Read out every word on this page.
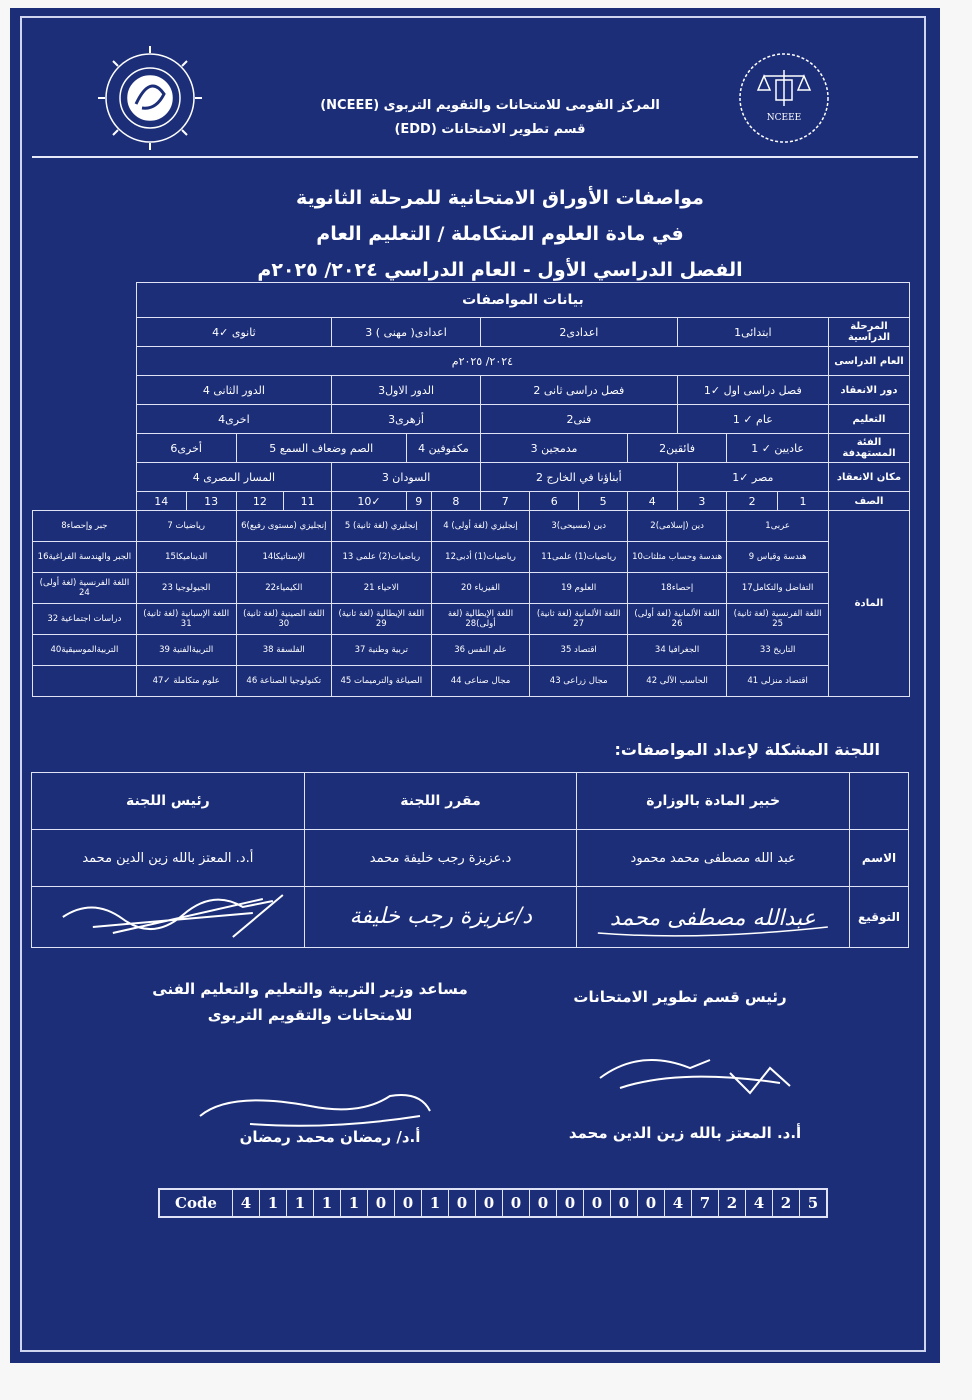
NCEEE
المركز القومى للامتحانات والتقويم التربوى (NCEEE)
قسم تطوير الامتحانات (EDD)
مواصفات الأوراق الامتحانية للمرحلة الثانوية
في مادة العلوم المتكاملة / التعليم العام
الفصل الدراسي الأول - العام الدراسي ٢٠٢٤/ ٢٠٢٥م
بيانات المواصفات															
المرحلة الدراسية	ابتدائى1			اعدادى2				اعدادى( مهنى ) 3			ثانوى ✓4				
العام الدراسى	٢٠٢٤/ ٢٠٢٥م														
دور الانعقاد	فصل دراسى اول ✓1			فصل دراسى ثانى 2				الدور الاول3			الدور الثانى 4				
التعليم	عام ✓ 1			فنى2				أزهرى3			اخرى4				
الفئة المستهدفة	عاديين ✓ 1		فائقين2		مدمجين 3			مكفوفين 4		الصم وضعاف السمع 5			أخرى6		
مكان الانعقاد	مصر ✓1			أبناؤنا في الخارج 2				السودان 3			المسار المصرى 4				
الصف	1	2	3	4	5	6	7	8	9	✓10	11	12	13	14	
المادة	عربى1		دين (إسلامى)2		دين (مسيحى)3		إنجليزي (لغة أولى) 4		إنجليزي (لغة ثانية) 5		إنجليزي (مستوى رفيع)6		رياضيات 7		جبر وإحصاء8
	هندسة وقياس 9		هندسة وحساب مثلثات10		رياضيات(1) علمى11		رياضيات(1) أدبى12		رياضيات(2) علمى 13		الإستاتيكا14		الديناميكا15		الجبر والهندسة الفراغية16
	التفاضل والتكامل17		إحصاء18		العلوم 19		الفيزياء 20		الاحياء 21		الكيمياء22		الجيولوجيا 23		اللغة الفرنسية (لغة أولى) 24
	اللغة الفرنسية (لغة ثانية) 25		اللغة الألمانية (لغة أولى) 26		اللغة الألمانية (لغة ثانية) 27		اللغة الإيطالية (لغة أولى)28		اللغة الإيطالية (لغة ثانية) 29		اللغة الصينية (لغة ثانية) 30		اللغة الإسبانية (لغة ثانية) 31		دراسات اجتماعية 32
	التاريخ 33		الجغرافيا 34		اقتصاد 35		علم النفس 36		تربية وطنية 37		الفلسفة 38		التربيةالفنية 39		التربيةالموسيقية40
	اقتصاد منزلى 41		الحاسب الآلى 42		مجال زراعى 43		مجال صناعى 44		الصياغة والترميمات 45		تكنولوجيا الصناعة 46		علوم متكاملة ✓47		
اللجنة المشكلة لإعداد المواصفات:
	خبير المادة بالوزارة	مقرر اللجنة	رئيس اللجنة
الاسم	عبد الله مصطفى محمد محمود	د.عزيزة رجب خليفة محمد	أ.د. المعتز بالله زين الدين محمد
التوقيع	عبدالله مصطفى محمد	د/عزيزة رجب خليفة

رئيس قسم تطوير الامتحانات
مساعد وزير التربية والتعليم والتعليم الفنى
للامتحانات والتقويم التربوى
أ.د/ رمضان محمد رمضان	أ.د. المعتز بالله زين الدين محمد
Code	4	1	1	1	1	0	0	1	0	0	0	0	0	0	0	0	4	7	2	4	2	5
